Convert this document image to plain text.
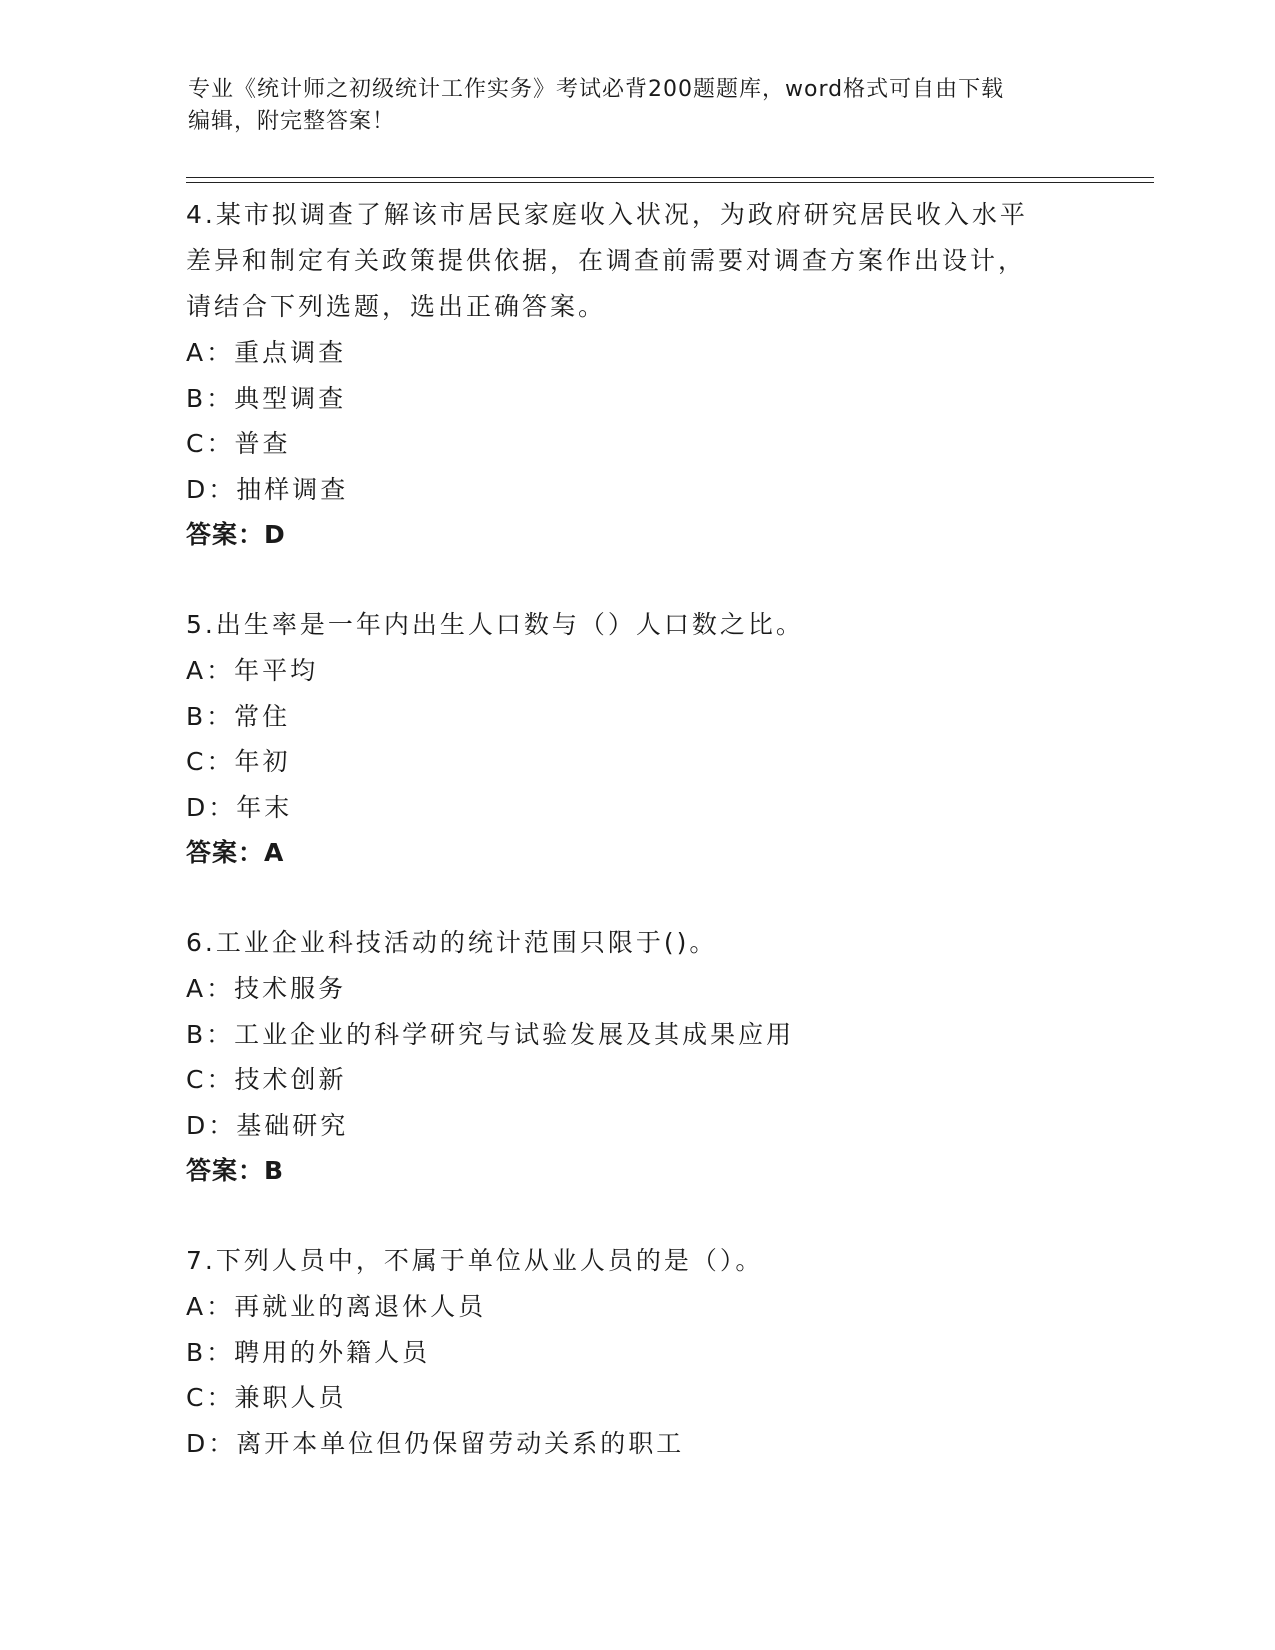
专业《统计师之初级统计工作实务》考试必背200题题库，word格式可自由下载
编辑，附完整答案！
4.某市拟调查了解该市居民家庭收入状况，为政府研究居民收入水平
差异和制定有关政策提供依据，在调查前需要对调查方案作出设计，
请结合下列选题，选出正确答案。
A：重点调查
B：典型调查
C：普查
D：抽样调查
答案：D
5.出生率是一年内出生人口数与（）人口数之比。
A：年平均
B：常住
C：年初
D：年末
答案：A
6.工业企业科技活动的统计范围只限于()。
A：技术服务
B：工业企业的科学研究与试验发展及其成果应用
C：技术创新
D：基础研究
答案：B
7.下列人员中，不属于单位从业人员的是（）。
A：再就业的离退休人员
B：聘用的外籍人员
C：兼职人员
D：离开本单位但仍保留劳动关系的职工
